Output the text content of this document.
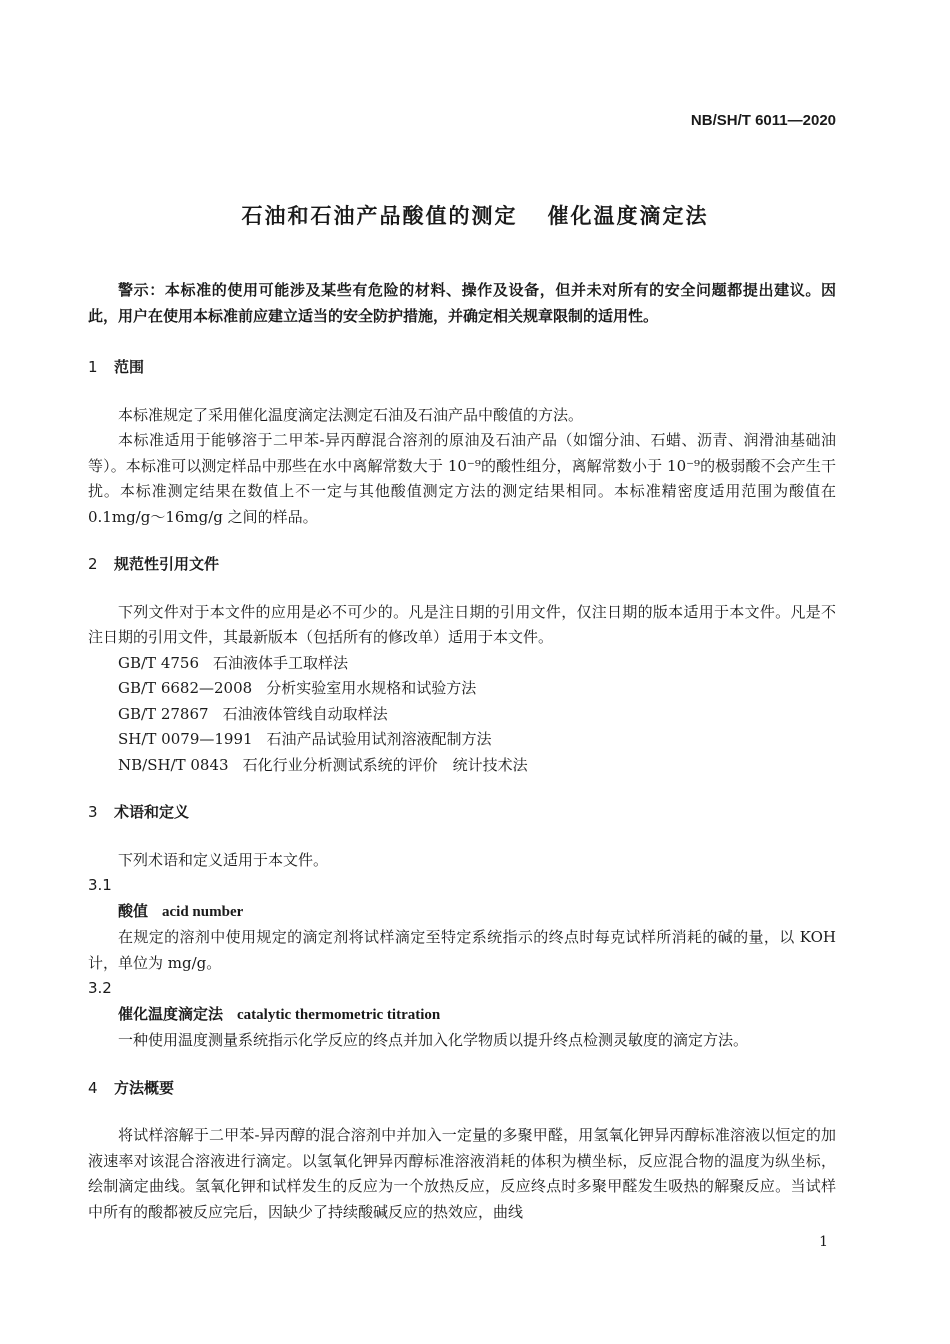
NB/SH/T 6011—2020
石油和石油产品酸值的测定 催化温度滴定法

警示：本标准的使用可能涉及某些有危险的材料、操作及设备，但并未对所有的安全问题都提出建议。因此，用户在使用本标准前应建立适当的安全防护措施，并确定相关规章限制的适用性。

1 范围

本标准规定了采用催化温度滴定法测定石油及石油产品中酸值的方法。

本标准适用于能够溶于二甲苯-异丙醇混合溶剂的原油及石油产品（如馏分油、石蜡、沥青、润滑油基础油等）。本标准可以测定样品中那些在水中离解常数大于 10⁻⁹的酸性组分，离解常数小于 10⁻⁹的极弱酸不会产生干扰。本标准测定结果在数值上不一定与其他酸值测定方法的测定结果相同。本标准精密度适用范围为酸值在 0.1mg/g～16mg/g 之间的样品。

2 规范性引用文件

下列文件对于本文件的应用是必不可少的。凡是注日期的引用文件，仅注日期的版本适用于本文件。凡是不注日期的引用文件，其最新版本（包括所有的修改单）适用于本文件。

GB/T 4756 石油液体手工取样法
GB/T 6682—2008 分析实验室用水规格和试验方法
GB/T 27867 石油液体管线自动取样法
SH/T 0079—1991 石油产品试验用试剂溶液配制方法
NB/SH/T 0843 石化行业分析测试系统的评价　统计技术法
3 术语和定义

下列术语和定义适用于本文件。

3.1
酸值 acid number

在规定的溶剂中使用规定的滴定剂将试样滴定至特定系统指示的终点时每克试样所消耗的碱的量，以 KOH 计，单位为 mg/g。

3.2
催化温度滴定法 catalytic thermometric titration

一种使用温度测量系统指示化学反应的终点并加入化学物质以提升终点检测灵敏度的滴定方法。

4 方法概要

将试样溶解于二甲苯-异丙醇的混合溶剂中并加入一定量的多聚甲醛，用氢氧化钾异丙醇标准溶液以恒定的加液速率对该混合溶液进行滴定。以氢氧化钾异丙醇标准溶液消耗的体积为横坐标，反应混合物的温度为纵坐标，绘制滴定曲线。氢氧化钾和试样发生的反应为一个放热反应，反应终点时多聚甲醛发生吸热的解聚反应。当试样中所有的酸都被反应完后，因缺少了持续酸碱反应的热效应，曲线

1
